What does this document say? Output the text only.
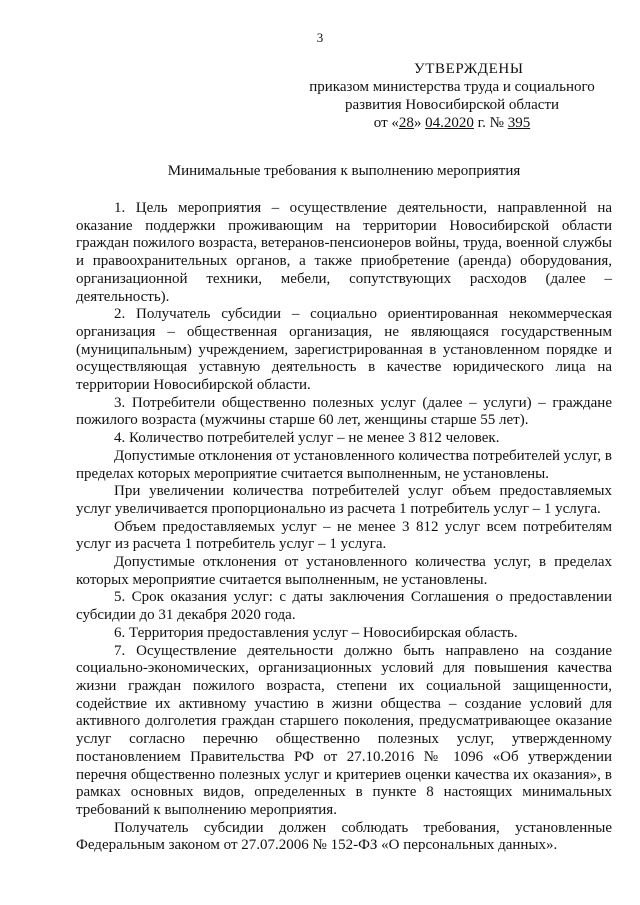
3
УТВЕРЖДЕНЫ
приказом министерства труда и социального
развития Новосибирской области
от «28» 04.2020 г. № 395
Минимальные требования к выполнению мероприятия

1. Цель мероприятия – осуществление деятельности, направленной на оказание поддержки проживающим на территории Новосибирской области граждан пожилого возраста, ветеранов-пенсионеров войны, труда, военной службы и правоохранительных органов, а также приобретение (аренда) оборудования, организационной техники, мебели, сопутствующих расходов (далее – деятельность).

2. Получатель субсидии – социально ориентированная некоммерческая организация – общественная организация, не являющаяся государственным (муниципальным) учреждением, зарегистрированная в установленном порядке и осуществляющая уставную деятельность в качестве юридического лица на территории Новосибирской области.

3. Потребители общественно полезных услуг (далее – услуги) – граждане пожилого возраста (мужчины старше 60 лет, женщины старше 55 лет).

4. Количество потребителей услуг – не менее 3 812 человек.

Допустимые отклонения от установленного количества потребителей услуг, в пределах которых мероприятие считается выполненным, не установлены.

При увеличении количества потребителей услуг объем предоставляемых услуг увеличивается пропорционально из расчета 1 потребитель услуг – 1 услуга.

Объем предоставляемых услуг – не менее 3 812 услуг всем потребителям услуг из расчета 1 потребитель услуг – 1 услуга.

Допустимые отклонения от установленного количества услуг, в пределах которых мероприятие считается выполненным, не установлены.

5. Срок оказания услуг: с даты заключения Соглашения о предоставлении субсидии до 31 декабря 2020 года.

6. Территория предоставления услуг – Новосибирская область.

7. Осуществление деятельности должно быть направлено на создание социально-экономических, организационных условий для повышения качества жизни граждан пожилого возраста, степени их социальной защищенности, содействие их активному участию в жизни общества – создание условий для активного долголетия граждан старшего поколения, предусматривающее оказание услуг согласно перечню общественно полезных услуг, утвержденному постановлением Правительства РФ от 27.10.2016 № 1096 «Об утверждении перечня общественно полезных услуг и критериев оценки качества их оказания», в рамках основных видов, определенных в пункте 8 настоящих минимальных требований к выполнению мероприятия.

Получатель субсидии должен соблюдать требования, установленные Федеральным законом от 27.07.2006 № 152-ФЗ «О персональных данных».
